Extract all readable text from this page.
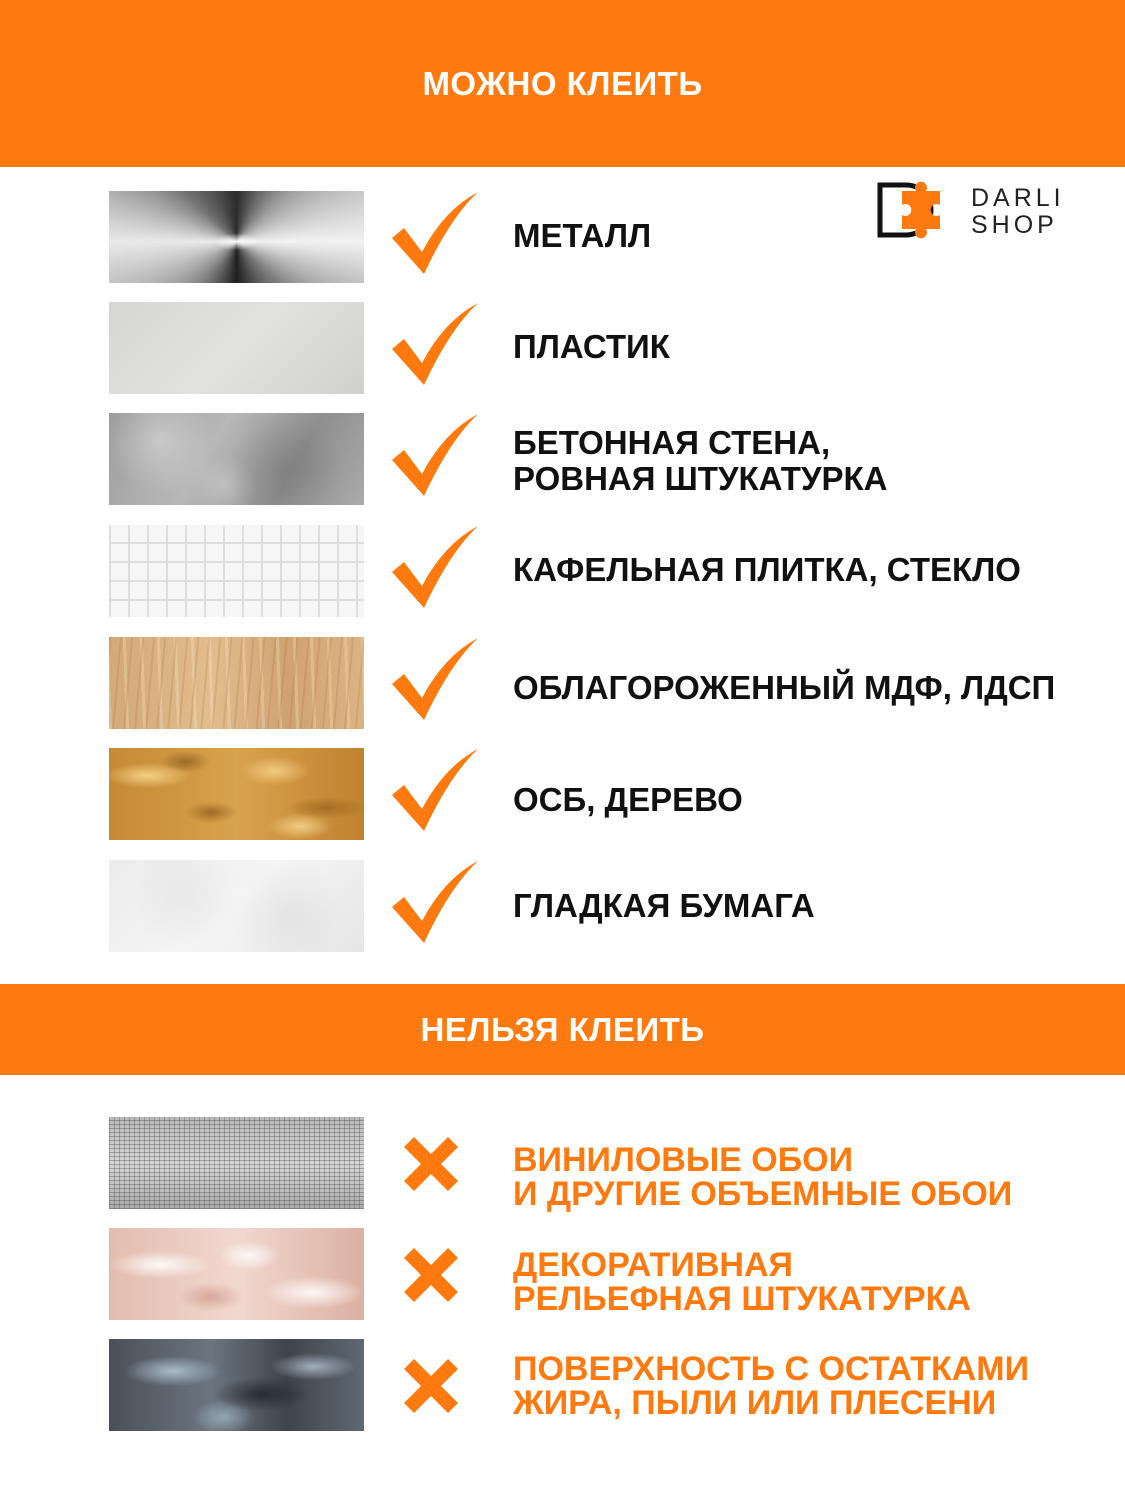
МОЖНО КЛЕИТЬ
DARLI
SHOP
МЕТАЛЛ
ПЛАСТИК
БЕТОННАЯ СТЕНА,
РОВНАЯ ШТУКАТУРКА
КАФЕЛЬНАЯ ПЛИТКА, СТЕКЛО
ОБЛАГОРОЖЕННЫЙ МДФ, ЛДСП
ОСБ, ДЕРЕВО
ГЛАДКАЯ БУМАГА
НЕЛЬЗЯ КЛЕИТЬ
ВИНИЛОВЫЕ ОБОИ
И ДРУГИЕ ОБЪЕМНЫЕ ОБОИ
ДЕКОРАТИВНАЯ
РЕЛЬЕФНАЯ ШТУКАТУРКА
ПОВЕРХНОСТЬ С ОСТАТКАМИ
ЖИРА, ПЫЛИ ИЛИ ПЛЕСЕНИ
